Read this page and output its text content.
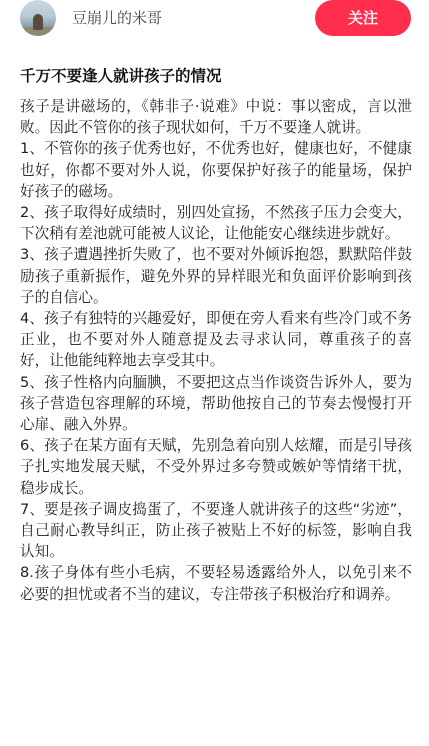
豆崩儿的米哥	关注
千万不要逢人就讲孩子的情况

孩子是讲磁场的，《韩非子·说难》中说：事以密成，言以泄败。因此不管你的孩子现状如何，千万不要逢人就讲。

1、不管你的孩子优秀也好，不优秀也好，健康也好，不健康也好，你都不要对外人说，你要保护好孩子的能量场，保护好孩子的磁场。

2、孩子取得好成绩时，别四处宣扬，不然孩子压力会变大，下次稍有差池就可能被人议论，让他能安心继续进步就好。

3、孩子遭遇挫折失败了，也不要对外倾诉抱怨，默默陪伴鼓励孩子重新振作，避免外界的异样眼光和负面评价影响到孩子的自信心。

4、孩子有独特的兴趣爱好，即便在旁人看来有些冷门或不务正业，也不要对外人随意提及去寻求认同，尊重孩子的喜好，让他能纯粹地去享受其中。

5、孩子性格内向腼腆，不要把这点当作谈资告诉外人，要为孩子营造包容理解的环境，帮助他按自己的节奏去慢慢打开心扉、融入外界。

6、孩子在某方面有天赋，先别急着向别人炫耀，而是引导孩子扎实地发展天赋，不受外界过多夸赞或嫉妒等情绪干扰，稳步成长。

7、要是孩子调皮捣蛋了，不要逢人就讲孩子的这些“劣迹”，自己耐心教导纠正，防止孩子被贴上不好的标签，影响自我认知。

8.孩子身体有些小毛病，不要轻易透露给外人，以免引来不必要的担忧或者不当的建议，专注带孩子积极治疗和调养。
